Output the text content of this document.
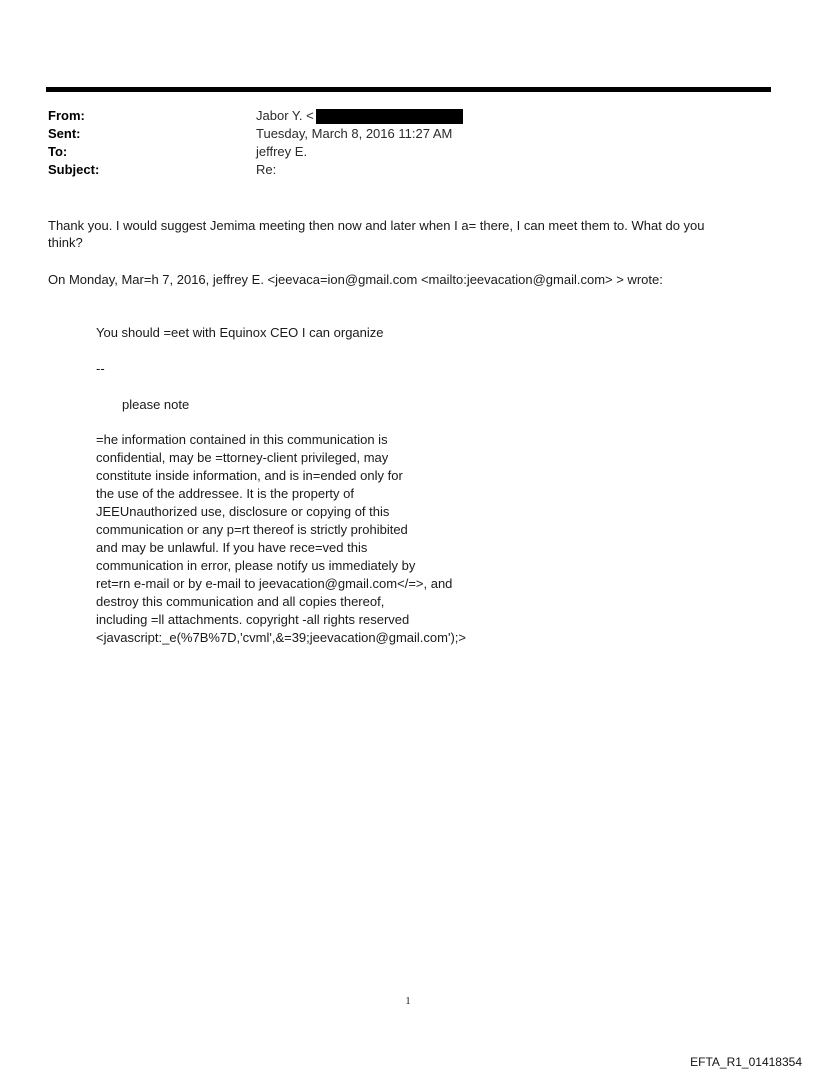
From:	Jabor Y. <
Sent:	Tuesday, March 8, 2016 11:27 AM
To:	jeffrey E.
Subject:	Re:
Thank you. I would suggest Jemima meeting then now and later when I a= there, I can meet them to. What do you
think?
On Monday, Mar=h 7, 2016, jeffrey E. <jeevaca=ion@gmail.com <mailto:jeevacation@gmail.com> > wrote:
You should =eet with Equinox CEO I can organize
--
please note
=he information contained in this communication is
confidential, may be =ttorney-client privileged, may
constitute inside information, and is in=ended only for
the use of the addressee. It is the property of
JEEUnauthorized use, disclosure or copying of this
communication or any p=rt thereof is strictly prohibited
and may be unlawful. If you have rece=ved this
communication in error, please notify us immediately by
ret=rn e-mail or by e-mail to jeevacation@gmail.com</=>, and
destroy this communication and all copies thereof,
including =ll attachments. copyright -all rights reserved
<javascript:_e(%7B%7D,'cvml',&=39;jeevacation@gmail.com');>
1
EFTA_R1_01418354
